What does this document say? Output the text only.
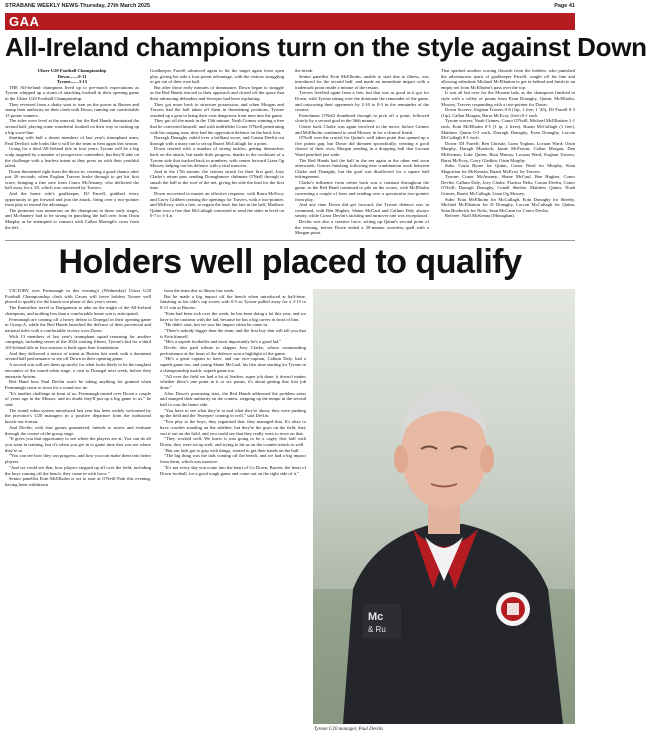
STRABANE WEEKLY NEWS-Thursday, 27th March 2025	Page 41
GAA
All-Ireland champions turn on the style against Down

Ulster U20 Football Championship

Down........0-11

Tyrone.......3-15

THE All-Ireland champions lived up to pre-match expectations as Tyrone whipped up a storm of attacking football in their opening game in the Ulster U20 Football Championship.

They reversed from a shaky start to turn on the power at Burren and stamp their authority on their clash with Down, running out comfortable 13 points winners.

The sides were level at the interval, but the Red Hands dominated the second half, playing some wonderful football on their way to racking up a big score-line.

Starting with half a dozen members of last year's triumphant team, Paul Devlin's side looks like it will be the team to beat again this season.

Going for a third All-Ireland title in four years, Tyrone will be a big scalp targeted by a number of prospective contenders, but they'll take on the challenge with a fearless intent as they press on with their youthful talent.

Down threatened right from the throw-in, creating a good chance after just 20 seconds, when Eoghan Travers broke through to get his first score, bringing a fine save from Conor McAnaney, who deflected the ball away for a '45, which was converted by Travers.

And the home side's goalkeeper, DJ Farrell, grabbed every opportunity to get forward and join the attack, firing over a two-pointer from play to extend the advantage.

The promoter was numerous on the champions in those early stages, and McAnaney had to be strong in punching the ball over from Oisin Murphy as he attempted to connect with Callan Murtagh's cross from the left.

Goalkeeper Farrell advanced again to hit the target again from open play, giving his side a four points advantage, with the visitors struggling to get out of their own half.

But after those early minutes of dominance, Down began to struggle as the Red Hands reacted to their approach and closed off the space that their advancing defenders and Sweeper had been exploiting.

They got more back to structure possession, and when Morgan and Travers had the ball taken off them in threatening positions, Tyrone reached up a gear to bring their own dangerous front men into the game.

They got off the mark in the 13th minute, Noah Grimes winning a free that he converted himself, and with midfielder Conor O'Neill penetrating with his surging runs, they had the opposition defence on the back foot.

Darragh Donaghy sailed over a brilliant score, and Conan Devlin cut through with a mazy run to set up Ruairi McCullagh for a point.

Down reacted with a number of strong tackles, getting themselves back on the attack, but made little progress, thanks to the worktrate of a Tyrone side that tracked back in numbers, with centre forward Liam Og Mossey helping out his defence with a vital turnover.

And in the 17th minute, the visitors struck for their first goal, Joey Clarke's return pass sending Donaghmore clubmate O'Neill through to smash the ball to the roof of the net, giving his side the lead for the first time.

Down recovered to muster an effective response, with Barra McEvoy and Corry Gribben creating the openings for Travers, with a two-pointer, and McEvoy, with a free, to regain the lead, but late in the half, Matthew Quinn won a free that McCullagh converted to send the sides in level on 0-7 to 1-4 at

the break.

Senior panellist Eoin McElholm, unable to start due to illness, was introduced for the second half, and made an immediate impact with a trademark point inside a minute of the restart.

Travers levelled again from a free, but that was as good as it got for Down, with Tyrone taking over the dominate the remainder of the game, and outscoring their opponents by 2-10 to 0-3 in the remainder of the contest.

Frenchman O'Neill thundered through to pick off a point, followed closely by a second goal in the 36th minute.

Centre back Clarke was again involved in the move, before Grimes and McElholm combined to send Mossey in for a clinical finish.

O'Neill won the crucial for Quinn's well taken point that opened up a five points gap, but Down did threaten sporadically, creating a good chance of their own, Morgan sending in a dropping ball that Locuan Ward punched just wide.

The Red Hands had the ball in the net again at the other end soon afterwards, Grimes finishing following neat combination work between Clarke and Donaghy, but the goal was disallowed for a square ball infringement.

Clarke's influence from centre back was a constant throughout the game, as the Red Hand continued to pile on the scores, with McElholm converting a couple of frees and sending over a spectacular two-pointer from play.

And any time Down did get forward, the Tyrone defence was in command, with Ben Hughes, Shane McCaul and Callum Daly always steady, while Conor Devlin's tackling and turnover rate was exceptional.

Devlin was also a creative force, setting up Quinn's second point of the evening, before Down ended a 20-minute scoreless spell with a Morgan point.

That sparked another scoring flourish from the holders, who punished the adventurous spirit of goalkeeper Farrell, caught off his line and allowing substitute Michael McElhatton to get in behind and finish to an empty net from McElholm's pass over the top.

It was all but over for the Mourne lads, as the champions finished in style with a volley of points from Evan Donaghy, Quinn, McElholm, Mossey, Travers responding with a two-pointer for Down.

Down Scorers: Eoghan Travers 0-6 (1tp, 1 free, 1 '45), DJ Farrell 0-3 (1tp), Callan Morgan, Barra McEvoy (free) 0-1 each.

Tyrone scorers: Noah Grimes, Conor O'Neill, Michael McElhatton 1-1 each, Eoin McElholm 0-5 (1 tp, 2 frees), Ruairi McCullagh (1 free), Matthew Quinn 0-2 each, Darragh Donaghy, Evan Donaghy, Lorcan McCullagh 0-1 each.

Down: DJ Farrell; Ben Christie, Liam Yoghan, Locuan Ward; Oisin Murphy, Daragh Murdock, Jamie McFerran; Callan Morgan, Dan McKernan, Luke Quinn; Rian Murray, Locuan Ward, Eoghan Travers; Barra McEvoy, Corry Gledkin, Oisin Murphy.

Subs: Cruin Byrne for Quinn, Conor Ward for Murphy, Kian Magorrian for McKernan, Ruairi McEvoy for Travers.

Tyrone: Conor McAnaney; Shane McCaul, Ben Hughes, Conor Devlin; Callum Daly, Joey Clarke, Fiachra Nelis; Conan Devlin, Conor O'Neill; Darragh Donaghy, Conall Sheehe, Matthew Quinn; Noah Grimes, Ruairi McCullagh, Liam Og Mossey.

Subs: Eoin McElholm for McCullagh, Eoin Donaghy for Sheehy, Michael McElhatton for D Donaghy, Lorcan McCullagh for Quinn, Sean Broderick for Nelis, Sean McCann for Conor Devlin.

Referee: Niall McKenna (Monaghan).

Holders well placed to qualify

VICTORY over Fermanagh in this evening's (Wednesday) Ulster U20 Football Championship clash with Cavan will leave holders Tyrone well placed to qualify for the knock-out phase of this year's series.

The Ernesiders travel to Dungannon to take on the might of the All-Ireland champions, and nothing less than a comfortable home win is anticipated.

Fermanagh are coming off a heavy defeat to Donegal in their opening game in Group A, while the Red Hands launched the defence of their provincial and national titles with a comfortable victory over Down.

With 13 members of last year's triumphant squad returning for another campaign, including seven of the 2024 starting fifteen, Tyrone's bid for a third All-Ireland title in four seasons is built upon firm foundations.

And they delivered a notice of intent at Burren last week with a dominant second half performance to see off Down in their opening game.

A second win will see them up nicely for what looks likely to be the toughest encounter of the round robin stage, a visit to Donegal next week, before they entertain Antrim.

Red Hand boss Paul Devlin won't be taking anything for granted when Fermanagh come to town for a round two tie.

"It's another challenge in front of us. Fermanagh turned over Down a couple of years ago in the Minors, and no doubt they'll put up a big game to us," he said.

The round robin system introduced last year has been widely welcomed by the province's U20 managers in a positive departure from the traditional knock-out format.

And Devlin, with four games guaranteed, intends to assess and evaluate through the course of the group stage.

"It gives you that opportunity to see where the players are at. You can do all you want in training, but it's when you get in to game time that you see where they're at.

"You can see how they can progress, and how you can make them into better players.

"And we could see that, how players stepped up all over the field, including the boys coming off the bench, they come in with force."

Senior panellist Eoin McElholm is set to start at O'Neill Park this evening, having been withdrawn

from the team due to illness last week.

But he made a big impact off the bench when introduced at half-time, finishing as his side's top scorer with 0-5 as Tyrone pulled away for a 3-15 to 0-11 win at Burren.

"Eoin had been sick over the week, he has been doing a lot this year, and we have to be cautious with the lad, because he has a big career in front of him.

"He didn't start, but we saw his impact when he came in.

"There's nobody bigger than the team, and the first boy that will tell you that is Eoin himself.

"He's a superb footballer and most importantly he's a good lad."

Devlin also paid tribute to skipper Joey Clarke, whose commanding performance at the heart of the defence won a highlight of the game.

"He's a great captain to have, and our vice-captain, Callum Daly, had a superb game too, and young Shane McCaul, his first time starting for Tyrone in a championship match, superb game too.

"All over the field we had a lot of leaders, super job done, it doesn't matter whether there's one point in it or six points, it's about getting that first job done."

After Down's promising start, the Red Hands addressed the problem areas and stamped their authority on the contest, stepping up the tempo in the second half to rout the home side.

"You have to see what they're at and what they're about, they were pushing up the field and the 'Sweeper' coming in well," said Devlin.

"Fair play to the boys, they organised that, they managed that. It's okay to have coaches standing on the sideline, but they're the guys on the field, they sort it out on the field, and you could see that they really went to town on that.

"They worked well. We knew it was going to be a cagey first half with Down, they were set up well, and trying to hit us on the counter-attack as well.

"But our lads got to grip with things, started to get their hands on the ball.

"The big thing was the lads coming off the bench, and we had a big impact from them, which was massive.

"It's not every day you come into the heart of Co Down, Burren, the heart of Down football, for a good tough game and come out on the right side of it."

Mc
& Ru
Tyrone U20 manager, Paul Devlin.
